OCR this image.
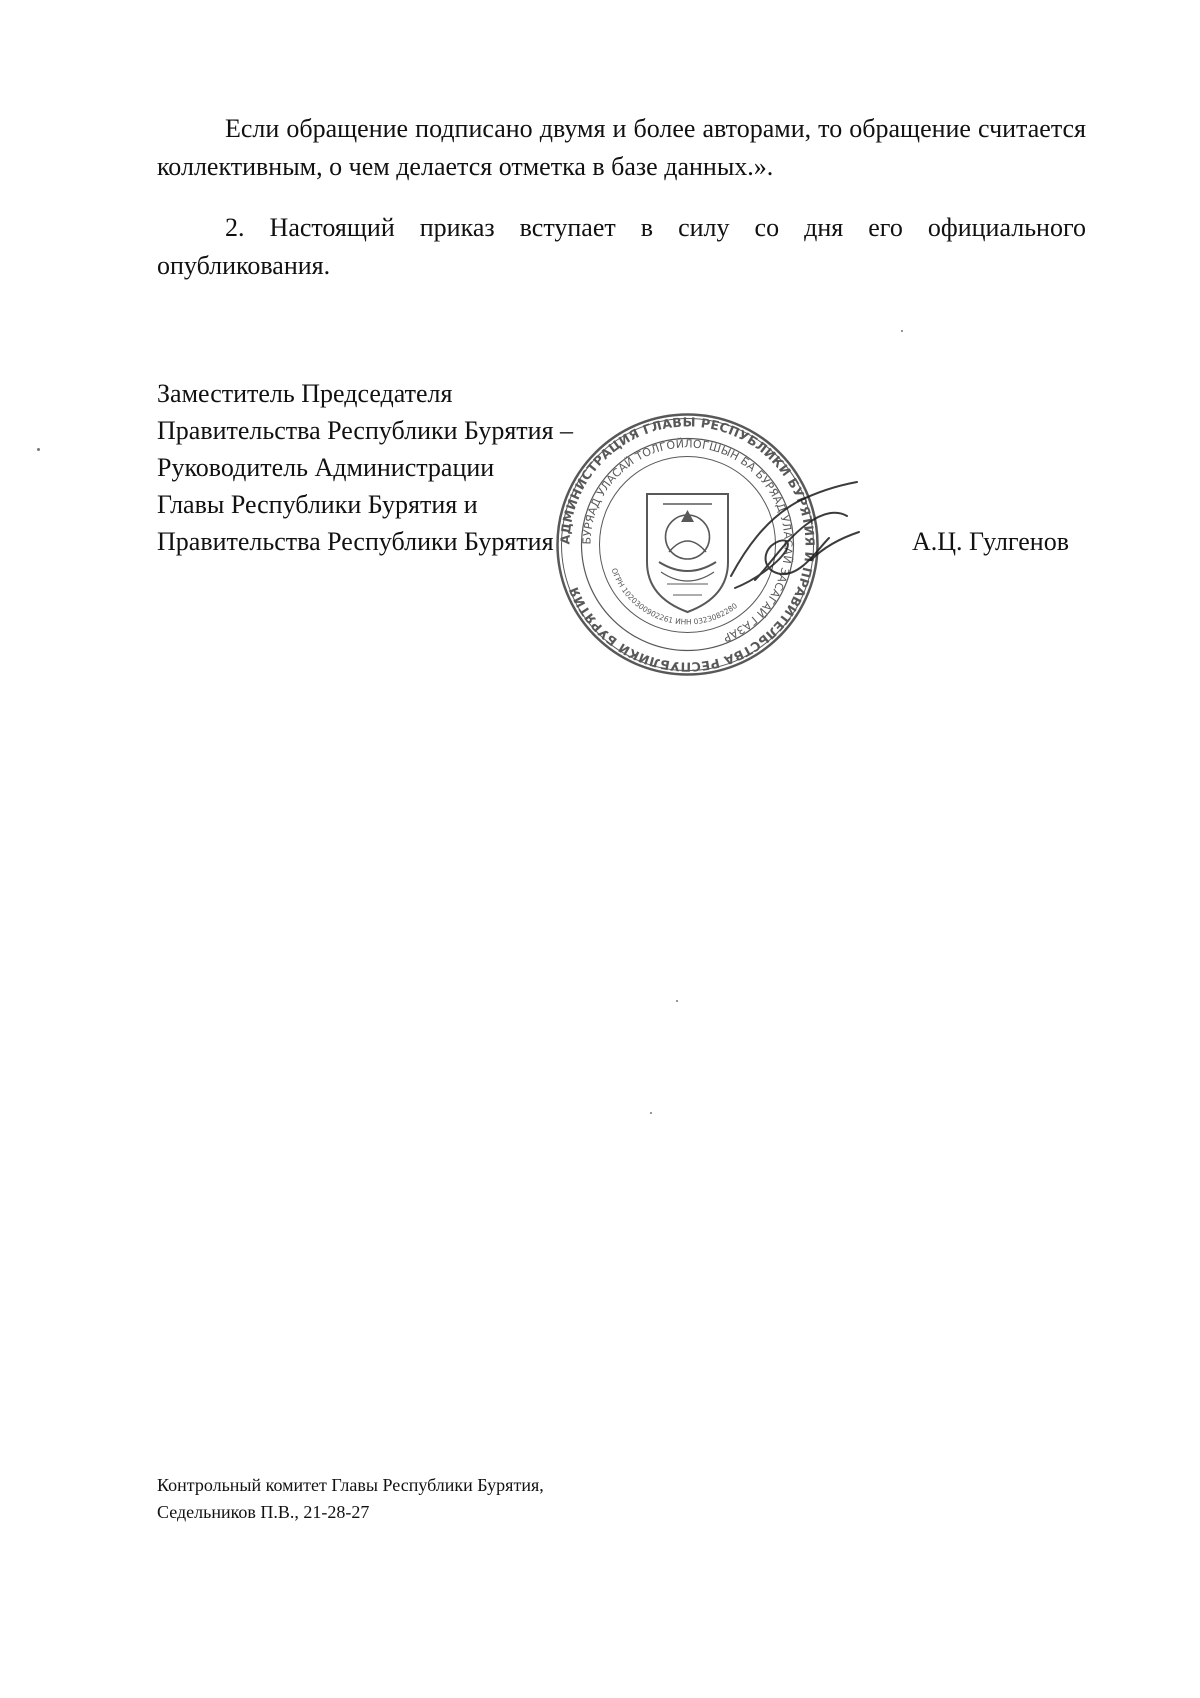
Если обращение подписано двумя и более авторами, то обращение считается коллективным, о чем делается отметка в базе данных.».

2. Настоящий приказ вступает в силу со дня его официального опубликования.

Заместитель Председателя
Правительства Республики Бурятия –
Руководитель Администрации
Главы Республики Бурятия и
Правительства Республики Бурятия	А.Ц. Гулгенов
АДМИНИСТРАЦИЯ ГЛАВЫ РЕСПУБЛИКИ БУРЯТИЯ И ПРАВИТЕЛЬСТВА РЕСПУБЛИКИ БУРЯТИЯ
БУРЯАД УЛАСАЙ ТОЛГОЙЛОГШЫН БА БУРЯАД УЛАСАЙ ЗАСАГАЙ ГАЗАР
ОГРН 1020300902261 ИНН 0323082280
Контрольный комитет Главы Республики Бурятия,
Седельников П.В., 21-28-27
